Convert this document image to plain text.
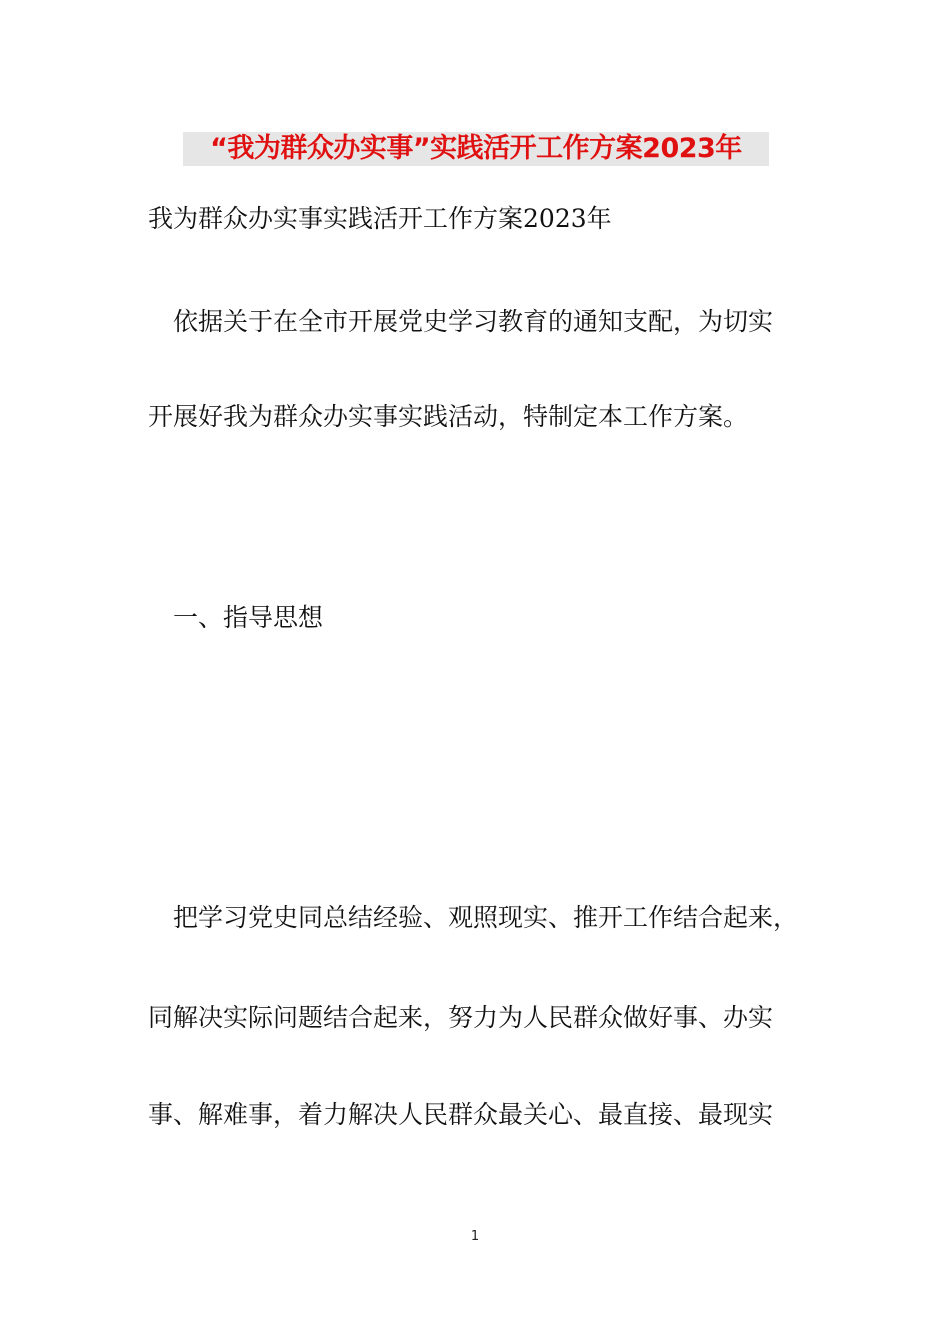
“我为群众办实事”实践活开工作方案2023年
我为群众办实事实践活开工作方案2023年
依据关于在全市开展党史学习教育的通知支配，为切实
开展好我为群众办实事实践活动，特制定本工作方案。
一、指导思想
把学习党史同总结经验、观照现实、推开工作结合起来，
同解决实际问题结合起来，努力为人民群众做好事、办实
事、解难事，着力解决人民群众最关心、最直接、最现实
1
